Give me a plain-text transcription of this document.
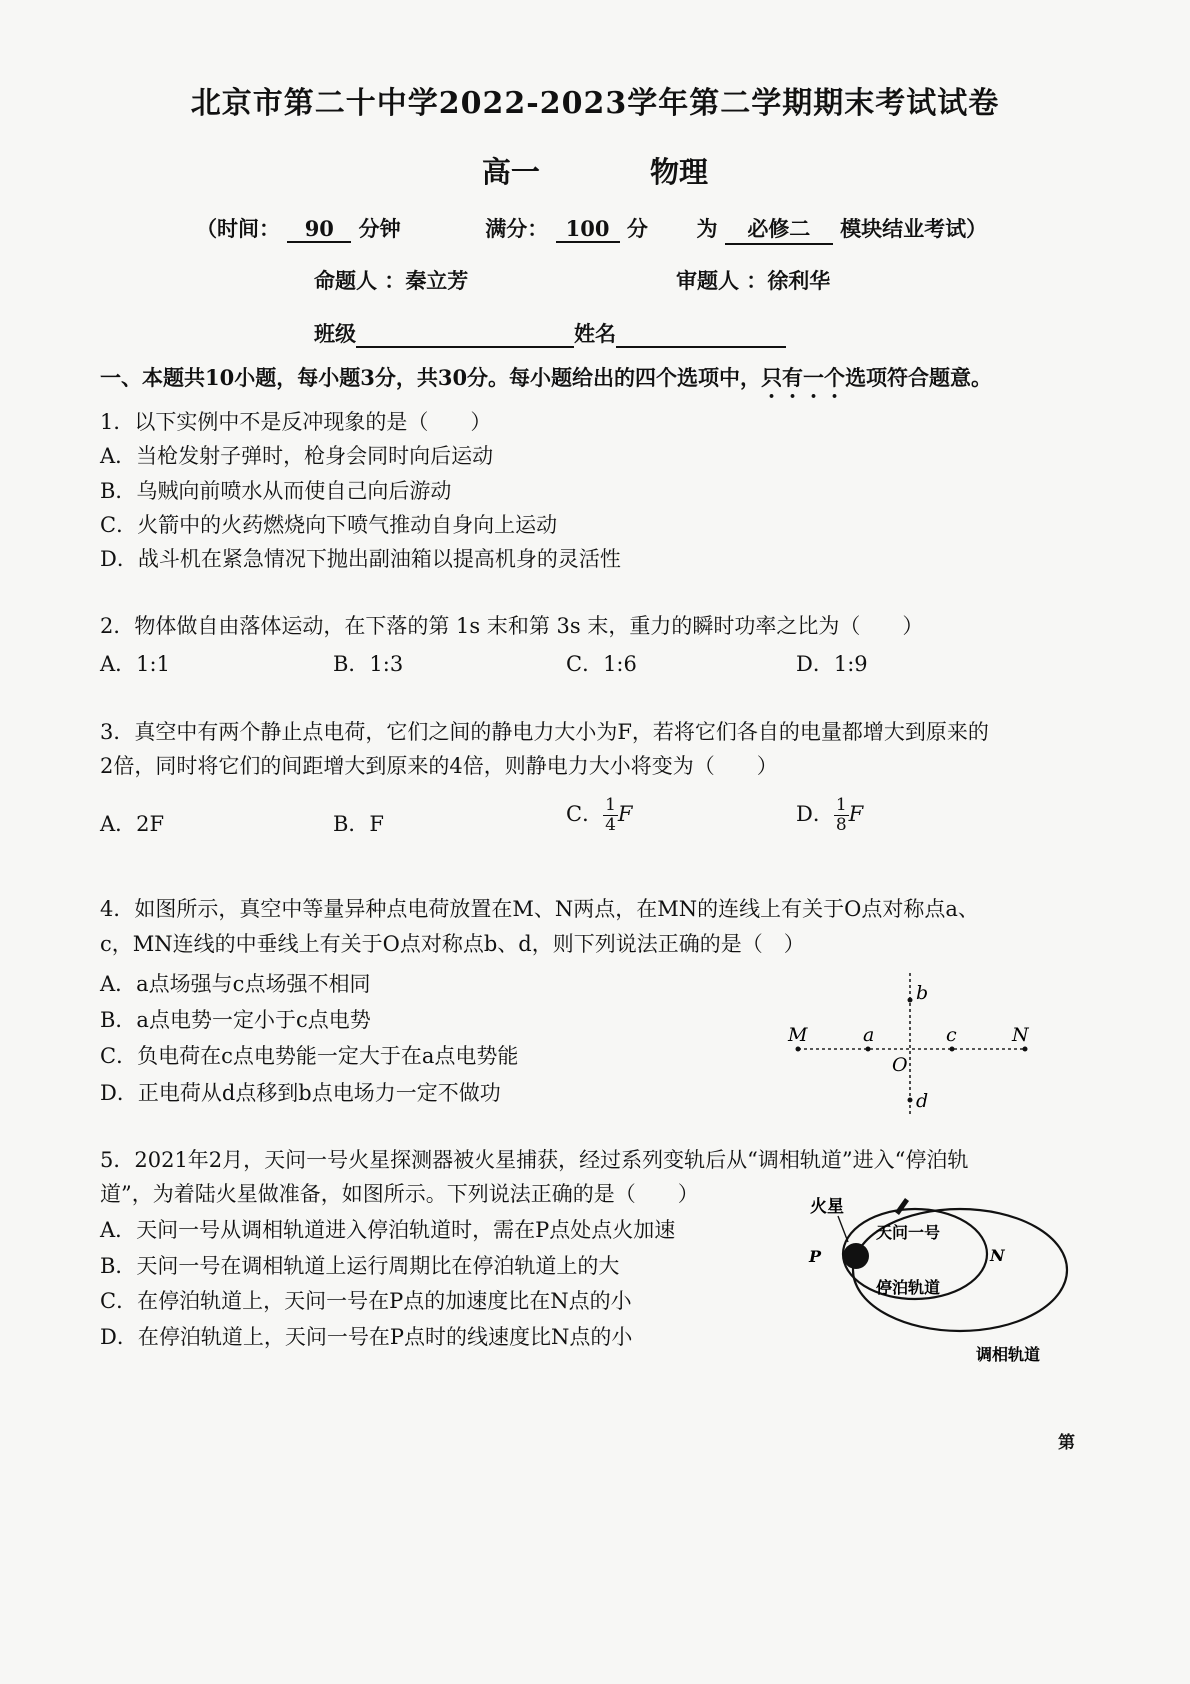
北京市第二十中学2022-2023学年第二学期期末考试试卷
高一	物理
（时间： 90 分钟	满分： 100 分 为 必修二 模块结业考试）
命题人 ：秦立芳	审题人 ：徐利华
班级	姓名
一、本题共10小题，每小题3分，共30分。每小题给出的四个选项中，只有一个选项符合题意。
1．以下实例中不是反冲现象的是（　　）
A．当枪发射子弹时，枪身会同时向后运动
B．乌贼向前喷水从而使自己向后游动
C．火箭中的火药燃烧向下喷气推动自身向上运动
D．战斗机在紧急情况下抛出副油箱以提高机身的灵活性
2．物体做自由落体运动，在下落的第 1s 末和第 3s 末，重力的瞬时功率之比为（　　）
A．1:1	B．1:3	C．1:6	D．1:9
3．真空中有两个静止点电荷，它们之间的静电力大小为F，若将它们各自的电量都增大到原来的
2倍，同时将它们的间距增大到原来的4倍，则静电力大小将变为（　　）
A．2F	B．F	C． $\frac{1}{4}$ F	D． $\frac{1}{8}$ F
4．如图所示，真空中等量异种点电荷放置在M、N两点，在MN的连线上有关于O点对称点a、
c，MN连线的中垂线上有关于O点对称点b、d，则下列说法正确的是（　）
A．a点场强与c点场强不相同
B．a点电势一定小于c点电势
C．负电荷在c点电势能一定大于在a点电势能
D．正电荷从d点移到b点电场力一定不做功
M	a	c	N
O
b
d
5．2021年2月，天问一号火星探测器被火星捕获，经过系列变轨后从“调相轨道”进入“停泊轨
道”，为着陆火星做准备，如图所示。下列说法正确的是（　　）
A．天问一号从调相轨道进入停泊轨道时，需在P点处点火加速
B．天问一号在调相轨道上运行周期比在停泊轨道上的大
C．在停泊轨道上，天问一号在P点的加速度比在N点的小
D．在停泊轨道上，天问一号在P点时的线速度比N点的小
火星
天问一号
P	N
停泊轨道
调相轨道
第
